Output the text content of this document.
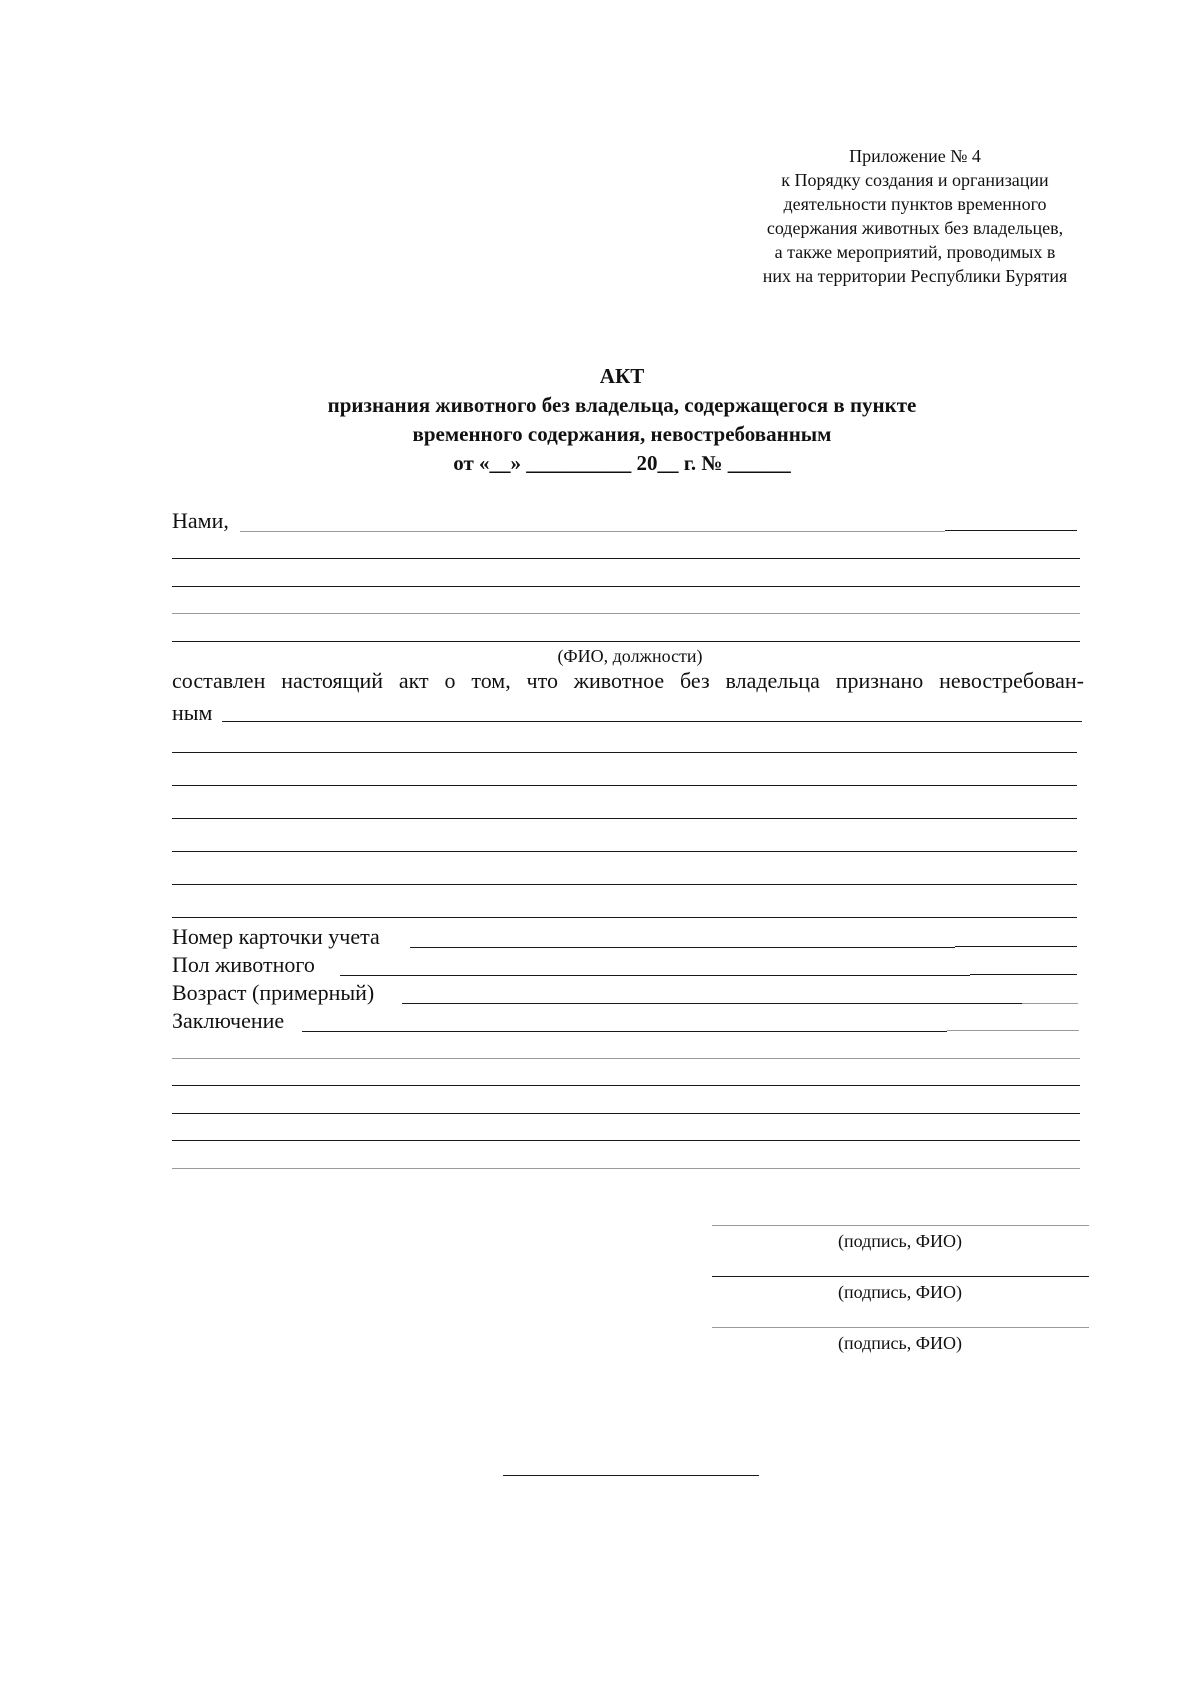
Приложение № 4
к Порядку создания и организации
деятельности пунктов временного
содержания животных без владельцев,
а также мероприятий, проводимых в
них на территории Республики Бурятия
АКТ
признания животного без владельца, содержащегося в пункте
временного содержания, невостребованным
от «__» __________ 20__ г. № ______
Нами,
(ФИО, должности)
составлен настоящий акт о том, что животное без владельца признано невостребован-
ным
Номер карточки учета
Пол животного
Возраст (примерный)
Заключение
(подпись, ФИО)
(подпись, ФИО)
(подпись, ФИО)
